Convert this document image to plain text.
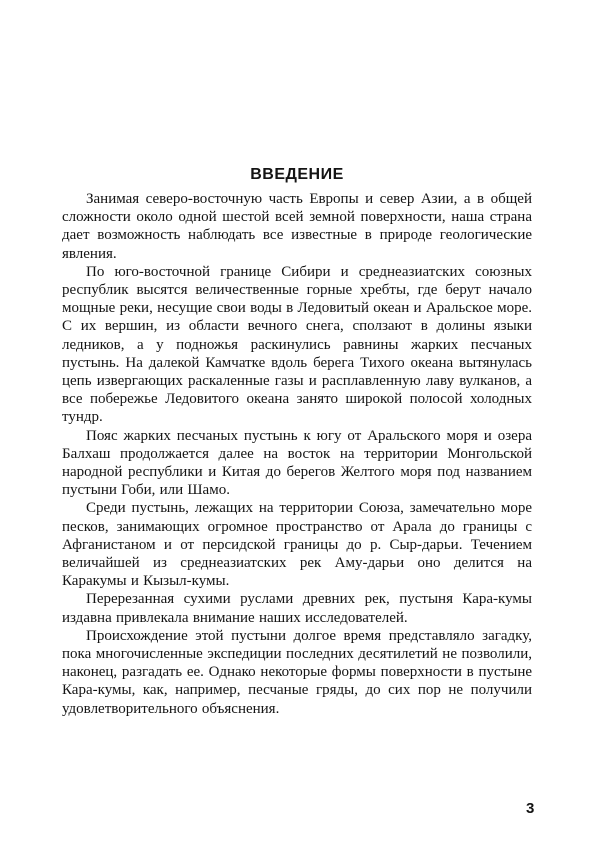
ВВЕДЕНИЕ

Занимая северо-восточную часть Европы и север Азии, а в общей сложности около одной шестой всей земной поверхности, наша страна дает возможность наблюдать все известные в природе геологические явления.

По юго-восточной границе Сибири и среднеазиатских союзных республик высятся величественные горные хребты, где берут начало мощные реки, несущие свои воды в Ледовитый океан и Аральское море. С их вершин, из области вечного снега, сползают в долины языки ледников, а у подножья раскинулись равнины жарких песчаных пустынь. На далекой Камчатке вдоль берега Тихого океана вытянулась цепь извергающих раскаленные газы и расплавленную лаву вулканов, а все побережье Ледовитого океана занято широкой полосой холодных тундр.

Пояс жарких песчаных пустынь к югу от Аральского моря и озера Балхаш продолжается далее на восток на территории Монгольской народной республики и Китая до берегов Желтого моря под названием пустыни Гоби, или Шамо.

Среди пустынь, лежащих на территории Союза, замечательно море песков, занимающих огромное пространство от Арала до границы с Афганистаном и от персидской границы до р. Сыр-дарьи. Течением величайшей из среднеазиатских рек Аму-дарьи оно делится на Каракумы и Кызыл-кумы.

Перерезанная сухими руслами древних рек, пустыня Кара-кумы издавна привлекала внимание наших исследователей.

Происхождение этой пустыни долгое время представляло загадку, пока многочисленные экспедиции последних десятилетий не позволили, наконец, разгадать ее. Однако некоторые формы поверхности в пустыне Кара-кумы, как, например, песчаные гряды, до сих пор не получили удовлетворительного объяснения.

3
